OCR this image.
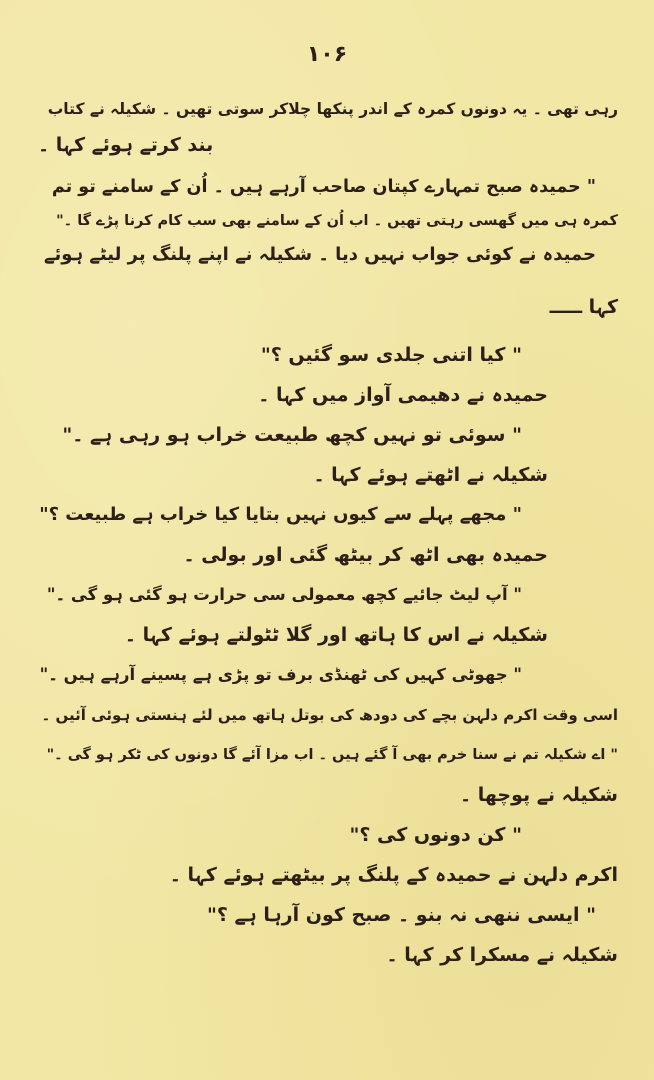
۱۰۶
رہی تھی ۔ یہ دونوں کمرہ کے اندر پنکھا چلاکر سوتی تھیں ۔ شکیلہ نے کتاب
بند کرتے ہوئے کہا ۔
" حمیدہ صبح تمہارے کپتان صاحب آرہے ہیں ۔ اُن کے سامنے تو تم
کمرہ ہی میں گھسی رہتی تھیں ۔ اب اُن کے سامنے بھی سب کام کرنا پڑے گا ۔"
حمیدہ نے کوئی جواب نہیں دیا ۔ شکیلہ نے اپنے پلنگ پر لیٹے ہوئے
کہا ـــــ
" کیا اتنی جلدی سو گئیں ؟"
حمیدہ نے دھیمی آواز میں کہا ۔
" سوئی تو نہیں کچھ طبیعت خراب ہو رہی ہے ۔"
شکیلہ نے اٹھتے ہوئے کہا ۔
" مجھے پہلے سے کیوں نہیں بتایا کیا خراب ہے طبیعت ؟"
حمیدہ بھی اٹھ کر بیٹھ گئی اور بولی ۔
" آپ لیٹ جائیے کچھ معمولی سی حرارت ہو گئی ہو گی ۔"
شکیلہ نے اس کا ہاتھ اور گلا ٹٹولتے ہوئے کہا ۔
" جھوٹی کہیں کی ٹھنڈی برف تو پڑی ہے پسینے آرہے ہیں ۔"
اسی وقت اکرم دلہن بچے کی دودھ کی بوتل ہاتھ میں لئے ہنستی ہوئی آئیں ۔
" اے شکیلہ تم نے سنا خرم بھی آ گئے ہیں ۔ اب مزا آئے گا دونوں کی ٹکر ہو گی ۔"
شکیلہ نے پوچھا ۔
" کن دونوں کی ؟"
اکرم دلہن نے حمیدہ کے پلنگ پر بیٹھتے ہوئے کہا ۔
" ایسی ننھی نہ بنو ۔ صبح کون آرہا ہے ؟"
شکیلہ نے مسکرا کر کہا ۔
